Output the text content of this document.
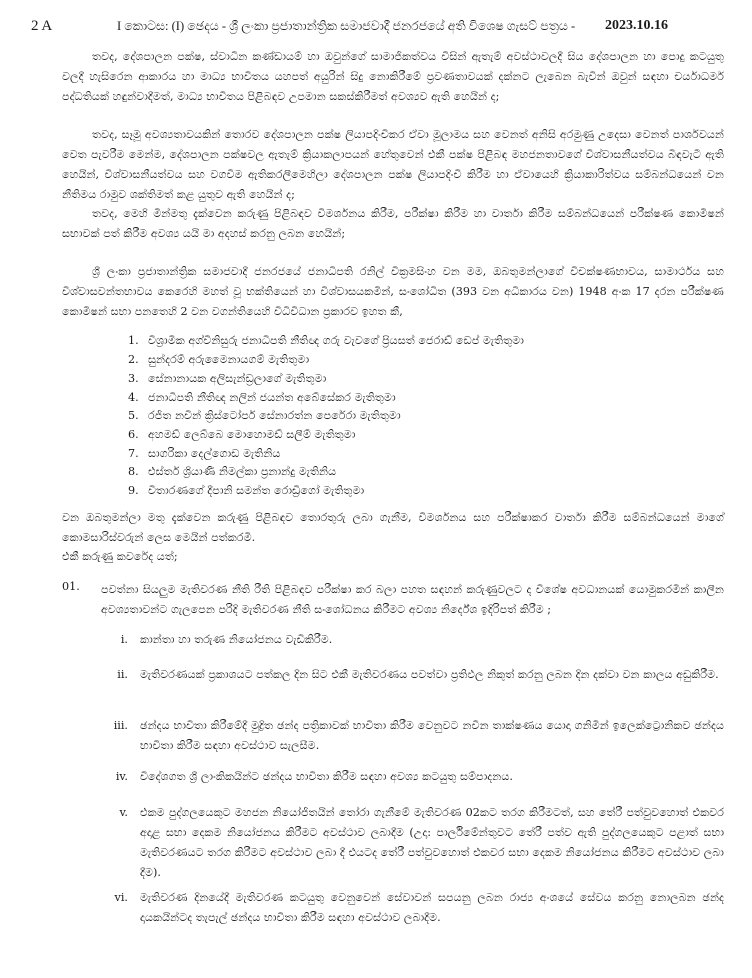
2 A	I කොටස: (I) ඡෙදය - ශ්‍රී ලංකා ප්‍රජාතාන්ත්‍රික සමාජවාදී ජනරජයේ අති විශෙෂ ගැසට් පත්‍රය - 2023.10.16

තවද, දේශපාලන පක්ෂ, ස්වාධීන කණ්ඩායම් හා ඔවුන්ගේ සාමාජිකත්වය විසින් ඇතැම් අවස්ථාවලදී සිය දේශපාලන හා පොදු කටයුතු වලදී හැසිරෙන ආකාරය හා මාධ්‍ය භාවිතය යහපත් අයුරින් සිදු නොකිරීමේ ප්‍රවණතාවයක් දක්නට ලැබෙන බැවින් ඔවුන් සඳහා චර්යාධර්ම පද්ධතියක් හඳුන්වාදීමත්, මාධ්‍ය භාවිතය පිළිබඳව උපමාන සකස්කිරීමත් අවශ්‍යව ඇති හෙයින් ද;

තවද, සෑමූ අවශ්‍යතාවයකින් තොරව දේශපාලන පක්ෂ ලියාපදිංචිකර ඒවා මූලාමය සහ වෙනත් අනිසි අරමුණු උදෙසා වෙනත් පාර්ශවයන් වෙත පැවරීම මෙන්ම, දේශපාලන පක්ෂවල ඇතැම් ක්‍රියාකලාපයන් හේතුවෙන් එකී පක්ෂ පිළිබඳ මහජනතාවගේ විශ්වාසනීයත්වය බිඳවැටී ඇති හෙයින්, විශ්වාසනීයත්වය සහ වගවීම ඇතිකරලීමෙහිලා දේශපාලන පක්ෂ ලියාපදිංචි කිරීම හා ඒවායෙහි ක්‍රියාකාරිත්වය සම්බන්ධයෙන් වන නීතිමය රාමුව ශක්තිමත් කළ යුතුව ඇති හෙයින් ද;

තවද, මෙහි මින්මතු දැක්වෙන කරුණු පිළිබඳව විමර්ශනය කිරීම, පරීක්ෂා කිරීම හා වාර්තා කිරීම සම්බන්ධයෙන් පරීක්ෂණ කොමිෂන් සභාවක් පත් කිරීම අවශ්‍ය යයි මා අදහස් කරනු ලබන හෙයින්;

ශ්‍රී ලංකා ප්‍රජාතාන්ත්‍රික සමාජවාදී ජනරජයේ ජනාධිපති රනිල් වික්‍රමසිංහ වන මම, ඔබතුමන්ලාගේ විචක්ෂණභාවය, සාමාර්ථය සහ විශ්වාසවන්තභාවය කෙරෙහි මහත් වූ භක්තියෙන් හා විශ්වාසයකමින්, සංශෝධිත (393 වන අධිකාරය වන) 1948 අංක 17 දරන පරීක්ෂණ කොමිෂන් සභා පනතෙහි 2 වන වගන්තියෙහි විධිවිධාන ප්‍රකාරව ඉහත කී,

1. විශ්‍රාමික අග්විනිසුරු ජනාධිපති නීතිඥ ගරු වැවගේ ප්‍රියසත් ජෙරාඩ් ඩෙප් මැතිතුමා
2. සුන්දරම් අරුමෛනායගම් මැතිතුමා
3. සේනානායක අලිසැන්ඩ්‍රලාගේ මැතිතුමා
4. ජනාධිපති නීතිඥ නලින් ජයන්ත අබේසේකර මැතිතුමා
5. රජිත නවින් ක්‍රිස්ටෝපර් සේනාරත්න පෙරේරා මැතිතුමා
6. අහමඩ් ලෙබ්බෙ මොහොමඩ් සලීම් මැතිතුමා
7. සාගරිකා දෙල්ගොඩ මැතිනිය
8. එස්තර් ශ්‍රියාණි නිමල්කා ප්‍රනාන්දු මැතිනිය
9. විතාරණගේ දීපානි සමන්ත රොඩ්‍රිගෝ මැතිතුමා

වන ඔබතුමන්ලා මතු දැක්වෙන කරුණු පිළිබඳව තොරතුරු ලබා ගැනීම, විමර්ශනය සහ පරීක්ෂාකර වාර්තා කිරීම සම්බන්ධයෙන් මාගේ කොමසාරිස්වරුන් ලෙස මෙයින් පත්කරමි.

එකී කරුණු කවරේද යත්;

01. පවත්නා සියලුම මැතිවරණ නීති රීති පිළිබඳව පරීක්ෂා කර බලා පහත සඳහන් කරුණුවලට ද විශේෂ අවධානයක් යොමුකරමින් කාලීන අවශ්‍යතාවන්ට ගැලපෙන පරිදි මැතිවරණ නීති සංශෝධනය කිරීමට අවශ්‍ය නිර්දේශ ඉදිරිපත් කිරීම ;
i. කාන්තා හා තරුණ නියෝජනය වැඩිකිරීම.
ii. මැතිවරණයක් ප්‍රකාශයට පත්කල දින සිට එකී මැතිවරණය පවත්වා ප්‍රතිඵල නිකුත් කරනු ලබන දින දක්වා වන කාලය අඩුකිරීම.
iii. ඡන්දය භාවිතා කිරීමේදී මුද්‍රිත ඡන්ද පත්‍රිකාවක් භාවිතා කිරීම වෙනුවට නවීන තාක්ෂණය යොදා ගනිමින් ඉලෙක්ට්‍රොනිකව ඡන්දය භාවිතා කිරීම සඳහා අවස්ථාව සැලසීම.
iv. විදේශගත ශ්‍රී ලාංකිකයින්ට ඡන්දය භාවිතා කිරීම සඳහා අවශ්‍ය කටයුතු සම්පාදනය.
v. එකම පුද්ගලයෙකුට මහජන නියෝජිතයින් තෝරා ගැනීමේ මැතිවරණ 02කට තරග කිරීමටත්, සහ තේරී පත්වුවහොත් එකවර අදාළ සභා දෙකම නියෝජනය කිරීමට අවස්ථාව ලබාදීම (උදා: පාර්ලිමේන්තුවට තේරී පත්ව ඇති පුද්ගලයෙකුට පළාත් සභා මැතිවරණයට තරග කිරීමට අවස්ථාව ලබා දී එයටද තේරී පත්වුවහොත් එකවර සභා දෙකම නියෝජනය කිරීමට අවස්ථාව ලබා දීම).
vi. මැතිවරණ දිනයේදී මැතිවරණ කටයුතු වෙනුවෙන් සේවාවන් සපයනු ලබන රාජ්‍ය අංශයේ සේවය කරනු නොලබන ඡන්ද දායකයින්ටද තැපැල් ඡන්දය භාවිතා කිරීම සඳහා අවස්ථාව ලබාදීම.
